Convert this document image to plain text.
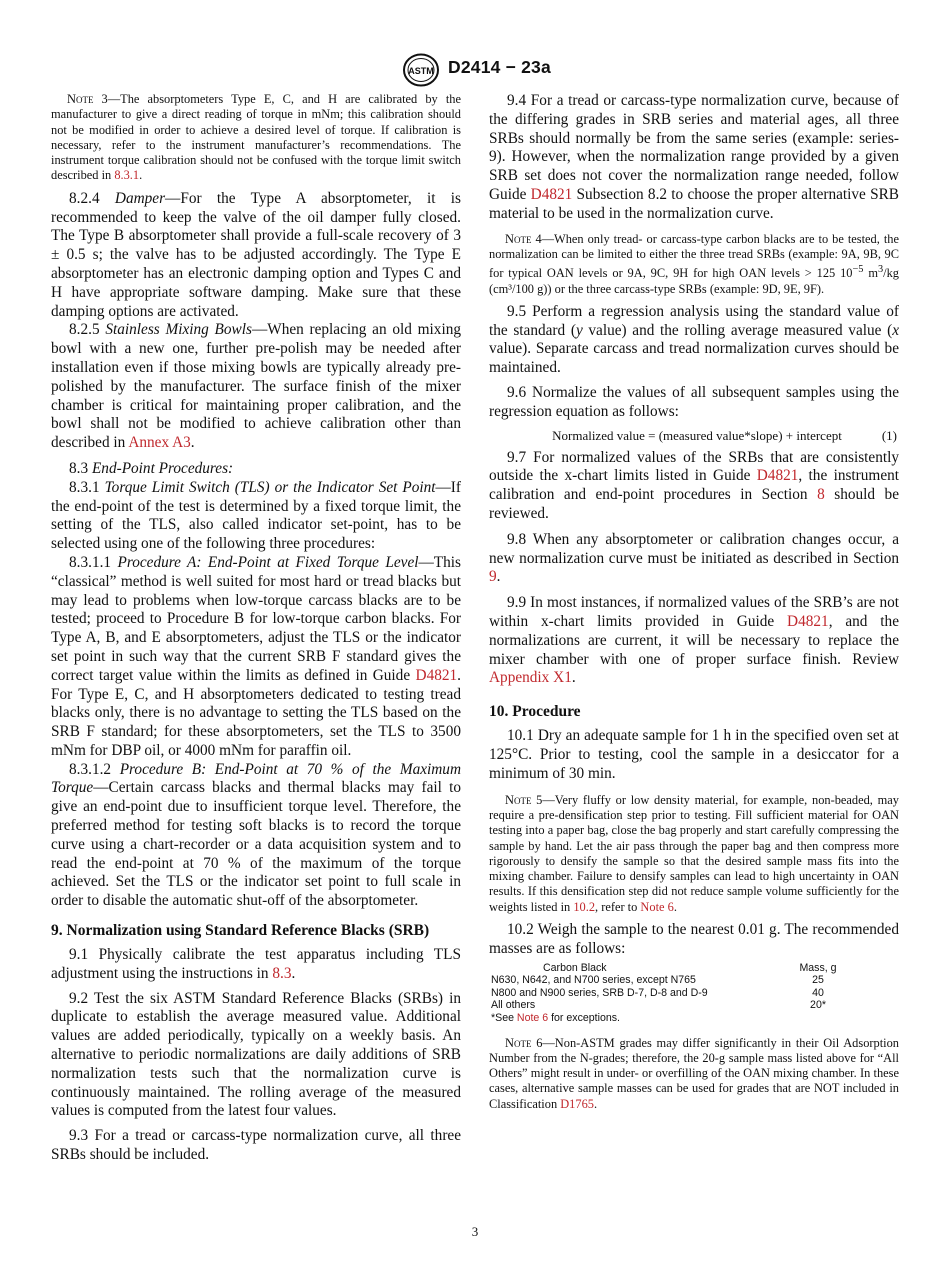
ASTM D2414 − 23a

Note 3—The absorptometers Type E, C, and H are calibrated by the manufacturer to give a direct reading of torque in mNm; this calibration should not be modified in order to achieve a desired level of torque. If calibration is necessary, refer to the instrument manufacturer’s recommendations. The instrument torque calibration should not be confused with the torque limit switch described in 8.3.1.

8.2.4 Damper—For the Type A absorptometer, it is recommended to keep the valve of the oil damper fully closed. The Type B absorptometer shall provide a full-scale recovery of 3 ± 0.5 s; the valve has to be adjusted accordingly. The Type E absorptometer has an electronic damping option and Types C and H have appropriate software damping. Make sure that these damping options are activated.

8.2.5 Stainless Mixing Bowls—When replacing an old mixing bowl with a new one, further pre-polish may be needed after installation even if those mixing bowls are typically already pre-polished by the manufacturer. The surface finish of the mixer chamber is critical for maintaining proper calibration, and the bowl shall not be modified to achieve calibration other than described in Annex A3.

8.3 End-Point Procedures:

8.3.1 Torque Limit Switch (TLS) or the Indicator Set Point—If the end-point of the test is determined by a fixed torque limit, the setting of the TLS, also called indicator set-point, has to be selected using one of the following three procedures:

8.3.1.1 Procedure A: End-Point at Fixed Torque Level—This “classical” method is well suited for most hard or tread blacks but may lead to problems when low-torque carcass blacks are to be tested; proceed to Procedure B for low-torque carbon blacks. For Type A, B, and E absorptometers, adjust the TLS or the indicator set point in such way that the current SRB F standard gives the correct target value within the limits as defined in Guide D4821. For Type E, C, and H absorptometers dedicated to testing tread blacks only, there is no advantage to setting the TLS based on the SRB F standard; for these absorptometers, set the TLS to 3500 mNm for DBP oil, or 4000 mNm for paraffin oil.

8.3.1.2 Procedure B: End-Point at 70 % of the Maximum Torque—Certain carcass blacks and thermal blacks may fail to give an end-point due to insufficient torque level. Therefore, the preferred method for testing soft blacks is to record the torque curve using a chart-recorder or a data acquisition system and to read the end-point at 70 % of the maximum of the torque achieved. Set the TLS or the indicator set point to full scale in order to disable the automatic shut-off of the absorptometer.

9. Normalization using Standard Reference Blacks (SRB)

9.1 Physically calibrate the test apparatus including TLS adjustment using the instructions in 8.3.

9.2 Test the six ASTM Standard Reference Blacks (SRBs) in duplicate to establish the average measured value. Additional values are added periodically, typically on a weekly basis. An alternative to periodic normalizations are daily additions of SRB normalization tests such that the normalization curve is continuously maintained. The rolling average of the measured values is computed from the latest four values.

9.3 For a tread or carcass-type normalization curve, all three SRBs should be included.

9.4 For a tread or carcass-type normalization curve, because of the differing grades in SRB series and material ages, all three SRBs should normally be from the same series (example: series-9). However, when the normalization range provided by a given SRB set does not cover the normalization range needed, follow Guide D4821 Subsection 8.2 to choose the proper alternative SRB material to be used in the normalization curve.

Note 4—When only tread- or carcass-type carbon blacks are to be tested, the normalization can be limited to either the three tread SRBs (example: 9A, 9B, 9C for typical OAN levels or 9A, 9C, 9H for high OAN levels > 125 $10^{-5}$ $m^3/kg$ (cm³/100 g)) or the three carcass-type SRBs (example: 9D, 9E, 9F).

9.5 Perform a regression analysis using the standard value of the standard (y value) and the rolling average measured value (x value). Separate carcass and tread normalization curves should be maintained.

9.6 Normalize the values of all subsequent samples using the regression equation as follows:

Normalized value = (measured value*slope) + intercept	(1)

9.7 For normalized values of the SRBs that are consistently outside the x-chart limits listed in Guide D4821, the instrument calibration and end-point procedures in Section 8 should be reviewed.

9.8 When any absorptometer or calibration changes occur, a new normalization curve must be initiated as described in Section 9.

9.9 In most instances, if normalized values of the SRB’s are not within x-chart limits provided in Guide D4821, and the normalizations are current, it will be necessary to replace the mixer chamber with one of proper surface finish. Review Appendix X1.

10. Procedure

10.1 Dry an adequate sample for 1 h in the specified oven set at 125°C. Prior to testing, cool the sample in a desiccator for a minimum of 30 min.

Note 5—Very fluffy or low density material, for example, non-beaded, may require a pre-densification step prior to testing. Fill sufficient material for OAN testing into a paper bag, close the bag properly and start carefully compressing the sample by hand. Let the air pass through the paper bag and then compress more rigorously to densify the sample so that the desired sample mass fits into the mixing chamber. Failure to densify samples can lead to high uncertainty in OAN results. If this densification step did not reduce sample volume sufficiently for the weights listed in 10.2, refer to Note 6.

10.2 Weigh the sample to the nearest 0.01 g. The recommended masses are as follows:

Carbon Black	Mass, g
N630, N642, and N700 series, except N765	25
N800 and N900 series, SRB D-7, D-8 and D-9	40
All others	20*

*See Note 6 for exceptions.

Note 6—Non-ASTM grades may differ significantly in their Oil Adsorption Number from the N-grades; therefore, the 20-g sample mass listed above for “All Others” might result in under- or overfilling of the OAN mixing chamber. In these cases, alternative sample masses can be used for grades that are NOT included in Classification D1765.

3
